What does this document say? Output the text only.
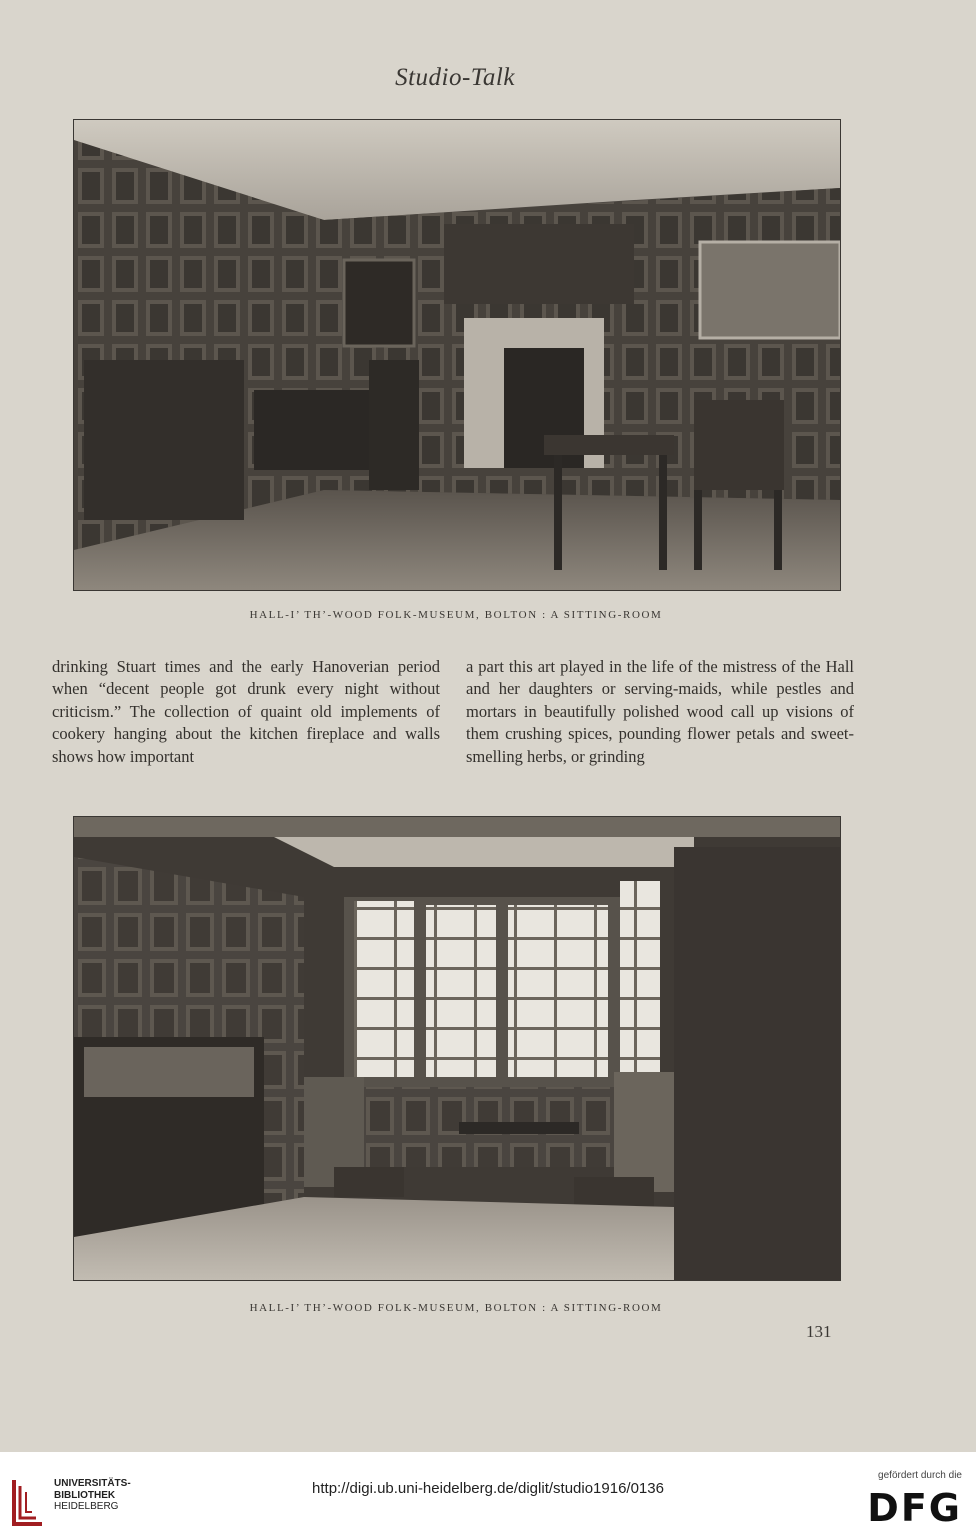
Studio-Talk
HALL-I’ TH’-WOOD FOLK-MUSEUM, BOLTON : A SITTING-ROOM

drinking Stuart times and the early Hanoverian period when “decent people got drunk every night without criticism.” The collection of quaint old implements of cookery hanging about the kitchen fireplace and walls shows how important

a part this art played in the life of the mistress of the Hall and her daughters or serving-maids, while pestles and mortars in beautifully polished wood call up visions of them crushing spices, pounding flower petals and sweet-smelling herbs, or grinding

HALL-I’ TH’-WOOD FOLK-MUSEUM, BOLTON : A SITTING-ROOM
131
UNIVERSITÄTS-
BIBLIOTHEK
HEIDELBERG
http://digi.ub.uni-heidelberg.de/diglit/studio1916/0136
gefördert durch die
DFG
